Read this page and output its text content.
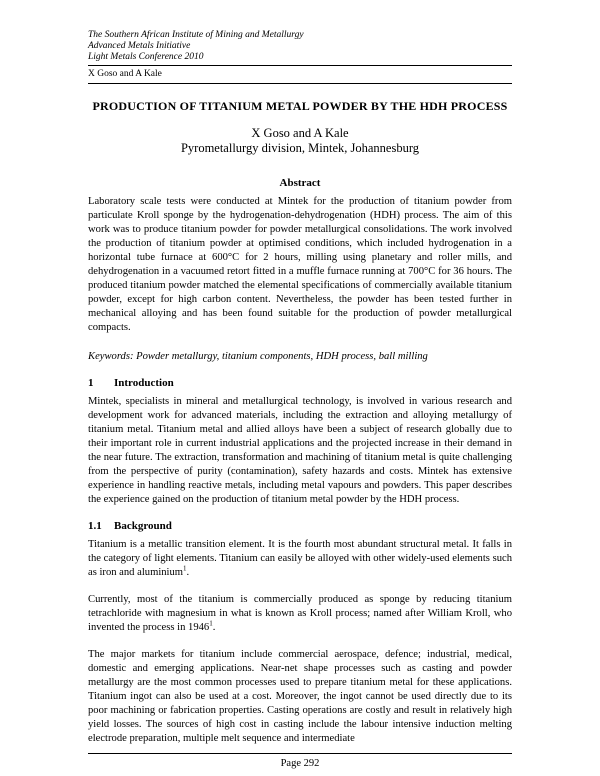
The Southern African Institute of Mining and Metallurgy
Advanced Metals Initiative
Light Metals Conference 2010
X Goso and A Kale
PRODUCTION OF TITANIUM METAL POWDER BY THE HDH PROCESS
X Goso and A Kale
Pyrometallurgy division, Mintek, Johannesburg
Abstract

Laboratory scale tests were conducted at Mintek for the production of titanium powder from particulate Kroll sponge by the hydrogenation-dehydrogenation (HDH) process. The aim of this work was to produce titanium powder for powder metallurgical consolidations. The work involved the production of titanium powder at optimised conditions, which included hydrogenation in a horizontal tube furnace at 600°C for 2 hours, milling using planetary and roller mills, and dehydrogenation in a vacuumed retort fitted in a muffle furnace running at 700°C for 36 hours. The produced titanium powder matched the elemental specifications of commercially available titanium powder, except for high carbon content. Nevertheless, the powder has been tested further in mechanical alloying and has been found suitable for the production of powder metallurgical compacts.

Keywords: Powder metallurgy, titanium components, HDH process, ball milling

1 Introduction

Mintek, specialists in mineral and metallurgical technology, is involved in various research and development work for advanced materials, including the extraction and alloying metallurgy of titanium metal. Titanium metal and allied alloys have been a subject of research globally due to their important role in current industrial applications and the projected increase in their demand in the near future. The extraction, transformation and machining of titanium metal is quite challenging from the perspective of purity (contamination), safety hazards and costs. Mintek has extensive experience in handling reactive metals, including metal vapours and powders. This paper describes the experience gained on the production of titanium metal powder by the HDH process.

1.1 Background

Titanium is a metallic transition element. It is the fourth most abundant structural metal. It falls in the category of light elements. Titanium can easily be alloyed with other widely-used elements such as iron and aluminium$^1$.

Currently, most of the titanium is commercially produced as sponge by reducing titanium tetrachloride with magnesium in what is known as Kroll process; named after William Kroll, who invented the process in 1946$^1$.

The major markets for titanium include commercial aerospace, defence; industrial, medical, domestic and emerging applications. Near-net shape processes such as casting and powder metallurgy are the most common processes used to prepare titanium metal for these applications. Titanium ingot can also be used at a cost. Moreover, the ingot cannot be used directly due to its poor machining or fabrication properties. Casting operations are costly and result in relatively high yield losses. The sources of high cost in casting include the labour intensive induction melting electrode preparation, multiple melt sequence and intermediate

Page 292
